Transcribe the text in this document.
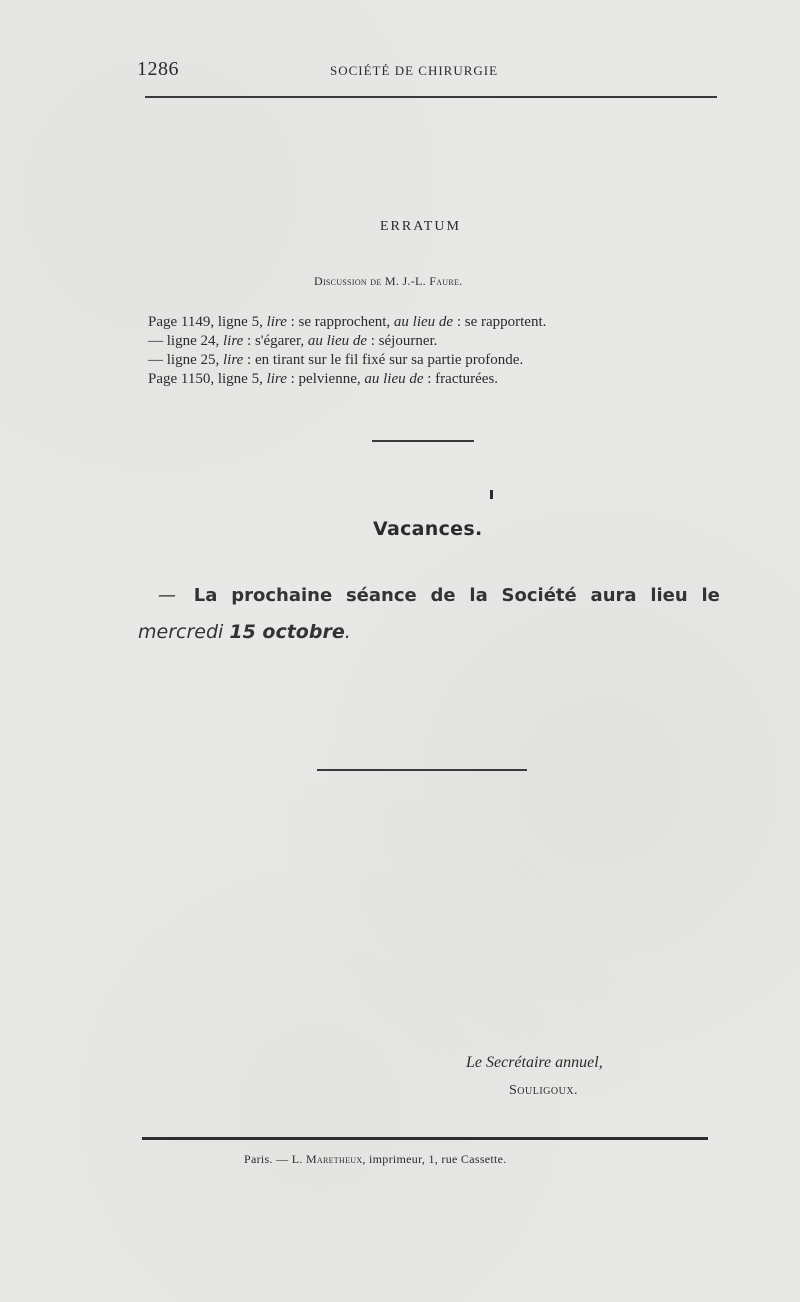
1286	SOCIÉTÉ DE CHIRURGIE
ERRATUM
Discussion de M. J.-L. Faure.
Page 1149, ligne 5, lire : se rapprochent, au lieu de : se rapportent.
— ligne 24, lire : s'égarer, au lieu de : séjourner.
— ligne 25, lire : en tirant sur le fil fixé sur sa partie profonde.
Page 1150, ligne 5, lire : pelvienne, au lieu de : fracturées.
Vacances.
— La prochaine séance de la Société aura lieu le
mercredi 15 octobre.
Le Secrétaire annuel,
Souligoux.
Paris. — L. Maretheux, imprimeur, 1, rue Cassette.
